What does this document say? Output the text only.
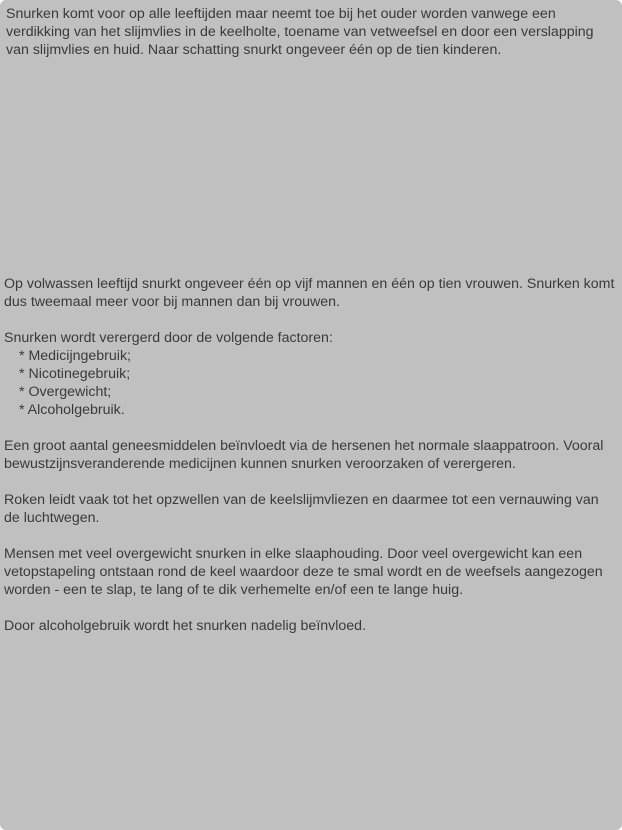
Snurken komt voor op alle leeftijden maar neemt toe bij het ouder worden vanwege een verdikking van het slijmvlies in de keelholte, toename van vetweefsel en door een verslapping van slijmvlies en huid. Naar schatting snurkt ongeveer één op de tien kinderen.

Op volwassen leeftijd snurkt ongeveer één op vijf mannen en één op tien vrouwen. Snurken komt dus tweemaal meer voor bij mannen dan bij vrouwen.

Snurken wordt verergerd door de volgende factoren:
* Medicijngebruik;
* Nicotinegebruik;
* Overgewicht;
* Alcoholgebruik.

Een groot aantal geneesmiddelen beïnvloedt via de hersenen het normale slaappatroon. Vooral bewustzijnsveranderende medicijnen kunnen snurken veroorzaken of verergeren.

Roken leidt vaak tot het opzwellen van de keelslijmvliezen en daarmee tot een vernauwing van de luchtwegen.

Mensen met veel overgewicht snurken in elke slaaphouding. Door veel overgewicht kan een vetopstapeling ontstaan rond de keel waardoor deze te smal wordt en de weefsels aangezogen worden - een te slap, te lang of te dik verhemelte en/of een te lange huig.

Door alcoholgebruik wordt het snurken nadelig beïnvloed.
